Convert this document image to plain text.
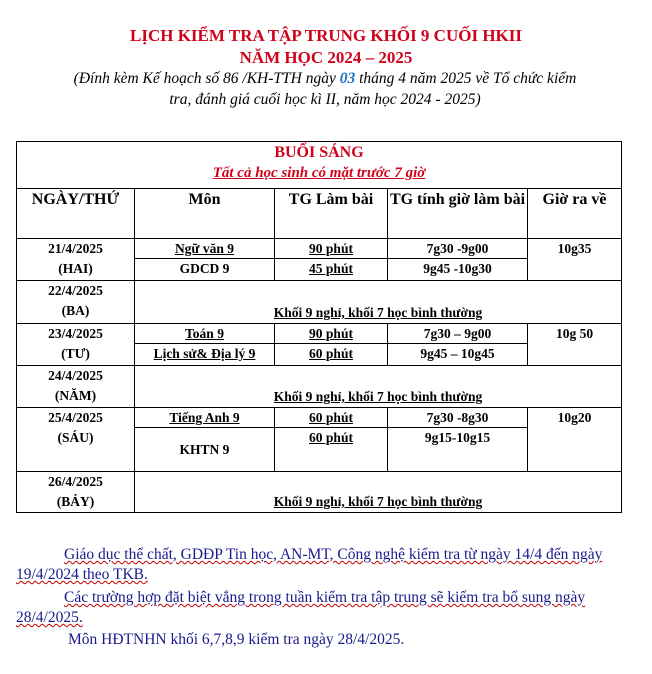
LỊCH KIỂM TRA TẬP TRUNG KHỐI 9 CUỐI HKII
NĂM HỌC 2024 – 2025
(Đính kèm Kế hoạch số 86 /KH-TTH ngày 03 tháng 4 năm 2025 về Tổ chức kiểm
tra, đánh giá cuối học kì II, năm học 2024 - 2025)
BUỔI SÁNG
Tất cả học sinh có mặt trước 7 giờ				

NGÀY/THỨ	Môn	TG Làm bài	TG tính giờ làm bài	Giờ ra về

21/4/2025
(HAI)	Ngữ văn 9	90 phút	7g30 -9g00	10g35
	GDCD 9	45 phút	9g45 -10g30	

22/4/2025
(BA)	Khối 9 nghỉ, khối 7 học bình thường			

23/4/2025
(TƯ)	Toán 9	90 phút	7g30 – 9g00	10g 50
	Lịch sử& Địa lý 9	60 phút	9g45 – 10g45	

24/4/2025
(NĂM)	Khối 9 nghỉ, khối 7 học bình thường			

25/4/2025
(SÁU)	Tiếng Anh 9	60 phút	7g30 -8g30	10g20
	KHTN 9	60 phút	9g15-10g15	

26/4/2025
(BẢY)	Khối 9 nghỉ, khối 7 học bình thường			
Giáo dục thể chất, GDĐP Tin học, AN-MT, Công nghệ kiểm tra từ ngày 14/4 đến ngày 19/4/2024 theo TKB.
Các trường hợp đặt biệt vắng trong tuần kiểm tra tập trung sẽ kiểm tra bổ sung ngày 28/4/2025.
Môn HĐTNHN khối 6,7,8,9 kiểm tra ngày 28/4/2025.
